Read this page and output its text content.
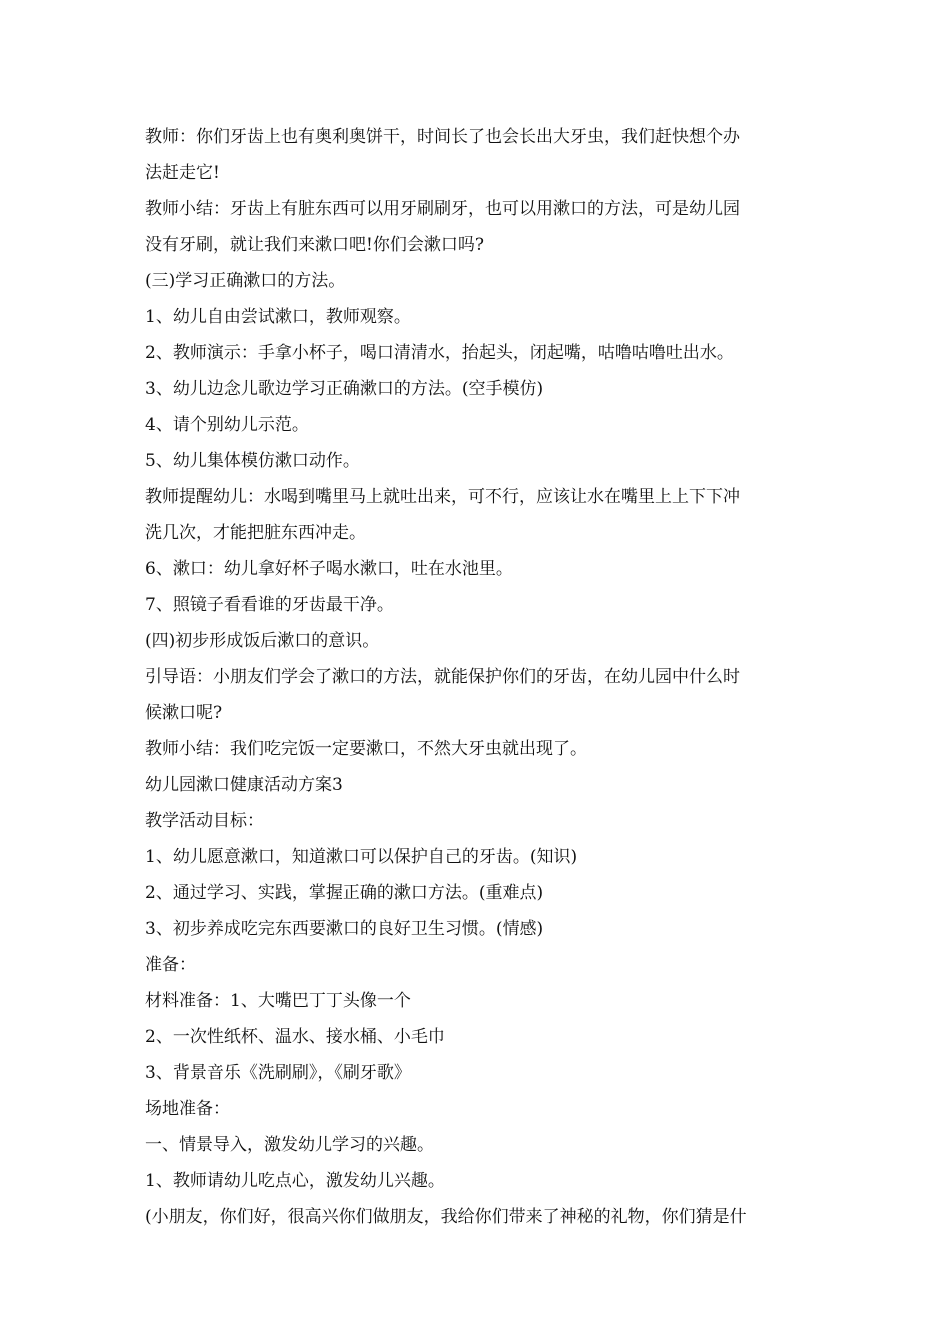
教师：你们牙齿上也有奥利奥饼干，时间长了也会长出大牙虫，我们赶快想个办
法赶走它!
教师小结：牙齿上有脏东西可以用牙刷刷牙，也可以用漱口的方法，可是幼儿园
没有牙刷，就让我们来漱口吧!你们会漱口吗?
(三)学习正确漱口的方法。
1、幼儿自由尝试漱口，教师观察。
2、教师演示：手拿小杯子，喝口清清水，抬起头，闭起嘴，咕噜咕噜吐出水。
3、幼儿边念儿歌边学习正确漱口的方法。(空手模仿)
4、请个别幼儿示范。
5、幼儿集体模仿漱口动作。
教师提醒幼儿：水喝到嘴里马上就吐出来，可不行，应该让水在嘴里上上下下冲
洗几次，才能把脏东西冲走。
6、漱口：幼儿拿好杯子喝水漱口，吐在水池里。
7、照镜子看看谁的牙齿最干净。
(四)初步形成饭后漱口的意识。
引导语：小朋友们学会了漱口的方法，就能保护你们的牙齿，在幼儿园中什么时
候漱口呢?
教师小结：我们吃完饭一定要漱口，不然大牙虫就出现了。
幼儿园漱口健康活动方案3
教学活动目标：
1、幼儿愿意漱口，知道漱口可以保护自己的牙齿。(知识)
2、通过学习、实践，掌握正确的漱口方法。(重难点)
3、初步养成吃完东西要漱口的良好卫生习惯。(情感)
准备：
材料准备：1、大嘴巴丁丁头像一个
2、一次性纸杯、温水、接水桶、小毛巾
3、背景音乐《洗刷刷》，《刷牙歌》
场地准备：
一、情景导入，激发幼儿学习的兴趣。
1、教师请幼儿吃点心，激发幼儿兴趣。
(小朋友，你们好，很高兴你们做朋友，我给你们带来了神秘的礼物，你们猜是什
